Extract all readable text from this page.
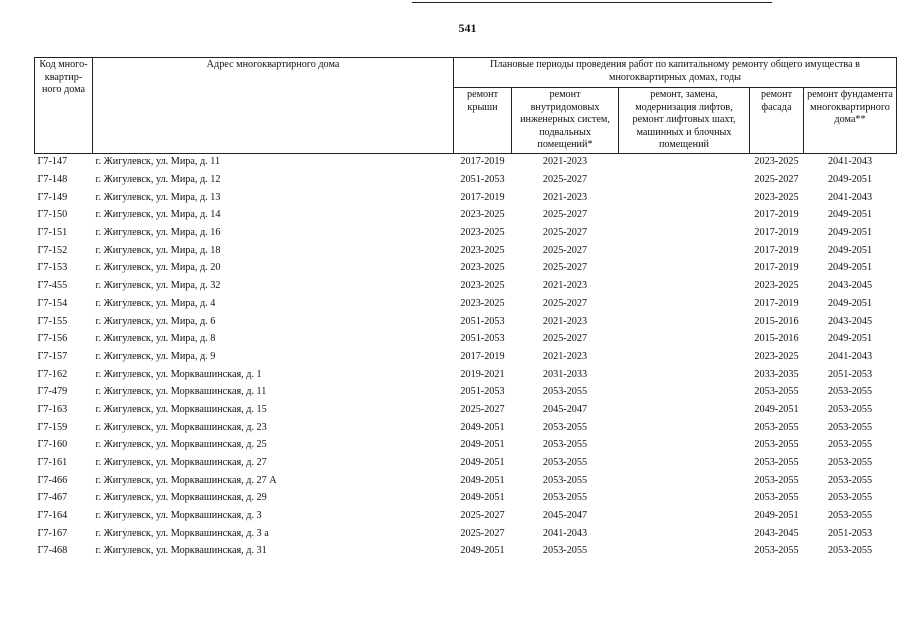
541
Код много-квартир-ного дома	Адрес многоквартирного дома	Плановые периоды проведения работ по капитальному ремонту общего имущества в многоквартирных домах, годы				
		ремонт крыши	ремонт внутридомовых инженерных систем, подвальных помещений*	ремонт, замена, модернизация лифтов, ремонт лифтовых шахт, машинных и блочных помещений	ремонт фасада	ремонт фундамента многоквартирного дома**
Г7-147	г. Жигулевск, ул. Мира, д. 11	2017-2019	2021-2023		2023-2025	2041-2043
Г7-148	г. Жигулевск, ул. Мира, д. 12	2051-2053	2025-2027		2025-2027	2049-2051
Г7-149	г. Жигулевск, ул. Мира, д. 13	2017-2019	2021-2023		2023-2025	2041-2043
Г7-150	г. Жигулевск, ул. Мира, д. 14	2023-2025	2025-2027		2017-2019	2049-2051
Г7-151	г. Жигулевск, ул. Мира, д. 16	2023-2025	2025-2027		2017-2019	2049-2051
Г7-152	г. Жигулевск, ул. Мира, д. 18	2023-2025	2025-2027		2017-2019	2049-2051
Г7-153	г. Жигулевск, ул. Мира, д. 20	2023-2025	2025-2027		2017-2019	2049-2051
Г7-455	г. Жигулевск, ул. Мира, д. 32	2023-2025	2021-2023		2023-2025	2043-2045
Г7-154	г. Жигулевск, ул. Мира, д. 4	2023-2025	2025-2027		2017-2019	2049-2051
Г7-155	г. Жигулевск, ул. Мира, д. 6	2051-2053	2021-2023		2015-2016	2043-2045
Г7-156	г. Жигулевск, ул. Мира, д. 8	2051-2053	2025-2027		2015-2016	2049-2051
Г7-157	г. Жигулевск, ул. Мира, д. 9	2017-2019	2021-2023		2023-2025	2041-2043
Г7-162	г. Жигулевск, ул. Морквашинская, д. 1	2019-2021	2031-2033		2033-2035	2051-2053
Г7-479	г. Жигулевск, ул. Морквашинская, д. 11	2051-2053	2053-2055		2053-2055	2053-2055
Г7-163	г. Жигулевск, ул. Морквашинская, д. 15	2025-2027	2045-2047		2049-2051	2053-2055
Г7-159	г. Жигулевск, ул. Морквашинская, д. 23	2049-2051	2053-2055		2053-2055	2053-2055
Г7-160	г. Жигулевск, ул. Морквашинская, д. 25	2049-2051	2053-2055		2053-2055	2053-2055
Г7-161	г. Жигулевск, ул. Морквашинская, д. 27	2049-2051	2053-2055		2053-2055	2053-2055
Г7-466	г. Жигулевск, ул. Морквашинская, д. 27 А	2049-2051	2053-2055		2053-2055	2053-2055
Г7-467	г. Жигулевск, ул. Морквашинская, д. 29	2049-2051	2053-2055		2053-2055	2053-2055
Г7-164	г. Жигулевск, ул. Морквашинская, д. 3	2025-2027	2045-2047		2049-2051	2053-2055
Г7-167	г. Жигулевск, ул. Морквашинская, д. 3 а	2025-2027	2041-2043		2043-2045	2051-2053
Г7-468	г. Жигулевск, ул. Морквашинская, д. 31	2049-2051	2053-2055		2053-2055	2053-2055
